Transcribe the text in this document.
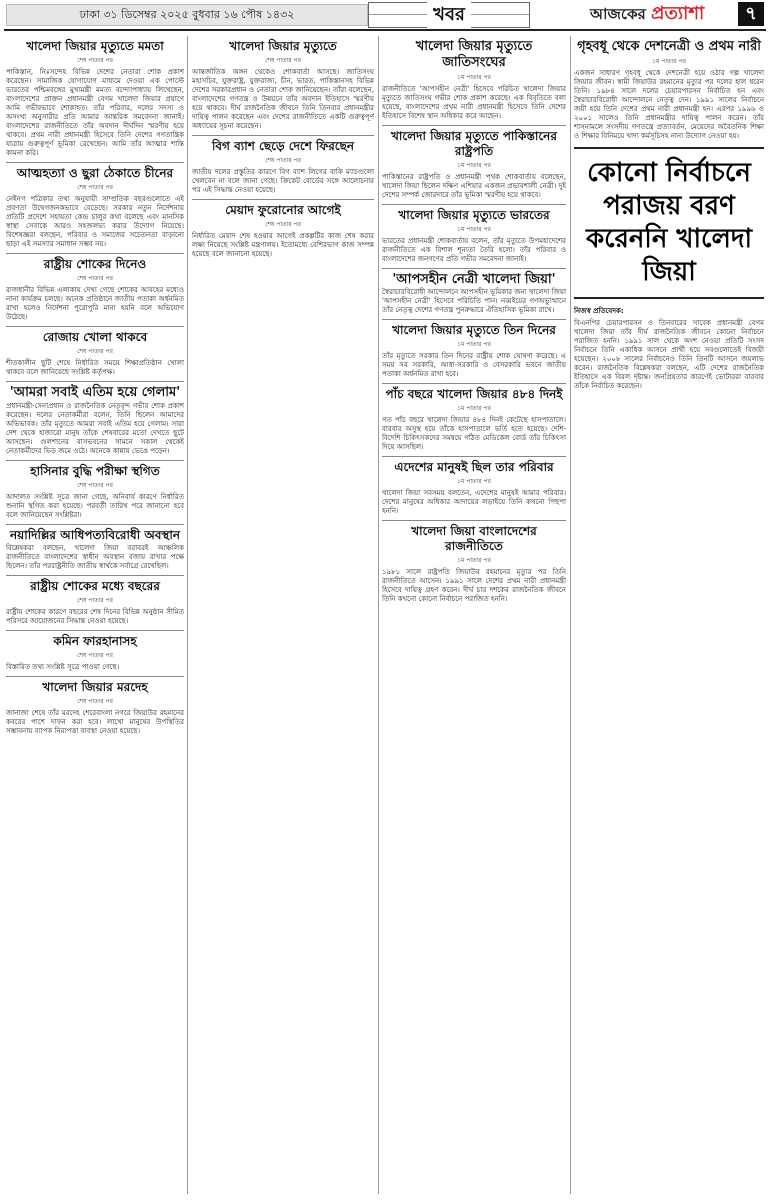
ঢাকা ৩১ ডিসেম্বর ২০২৫ বুধবার ১৬ পৌষ ১৪৩২	খবর	আজকের প্রত্যাশা	৭
খালেদা জিয়ার মৃত্যুতে মমতা
শেষ পাতার পর

পাকিস্তান, নিঃসন্দেহ বিভিন্ন দেশের নেতারা শোক প্রকাশ করেছেন। সামাজিক যোগাযোগ মাধ্যমে দেওয়া এক পোস্টে ভারতের পশ্চিমবঙ্গের মুখ্যমন্ত্রী মমতা বন্দ্যোপাধ্যায় লিখেছেন, বাংলাদেশের প্রাক্তন প্রধানমন্ত্রী বেগম খালেদা জিয়ার প্রয়াণে আমি গভীরভাবে শোকাহত। তাঁর পরিবার, দলের সদস্য ও অসংখ্য অনুসারীর প্রতি আমার আন্তরিক সমবেদনা জানাই। বাংলাদেশের রাজনীতিতে তাঁর অবদান দীর্ঘদিন স্মরণীয় হয়ে থাকবে। প্রথম নারী প্রধানমন্ত্রী হিসেবে তিনি দেশের গণতান্ত্রিক যাত্রায় গুরুত্বপূর্ণ ভূমিকা রেখেছেন। আমি তাঁর আত্মার শান্তি কামনা করি।

আত্মহত্যা ও ছুরা ঠেকাতে চীনের
শেষ পাতার পর

নেইনগ পত্রিকার তথ্য অনুযায়ী সাম্প্রতিক বছরগুলোতে এই প্রবণতা উদ্বেগজনকভাবে বেড়েছে। সরকার নতুন নির্দেশনায় প্রতিটি প্রদেশে সহায়তা কেন্দ্র চালুর কথা বলেছে এবং মানসিক স্বাস্থ্য সেবাকে আরও সহজলভ্য করার উদ্যোগ নিয়েছে। বিশেষজ্ঞরা বলছেন, পরিবার ও সমাজের সচেতনতা বাড়ানো ছাড়া এই সমস্যার সমাধান সম্ভব নয়।

রাষ্ট্রীয় শোকের দিনেও
শেষ পাতার পর

রাজধানীর বিভিন্ন এলাকায় দেখা গেছে শোকের আবহের মধ্যেও নানা কার্যক্রম চলছে। অনেক প্রতিষ্ঠানে জাতীয় পতাকা অর্ধনমিত রাখা হলেও নির্দেশনা পুরোপুরি মানা হয়নি বলে অভিযোগ উঠেছে।

রোজায় খোলা থাকবে
শেষ পাতার পর

শীতকালীন ছুটি শেষে নির্ধারিত সময়ে শিক্ষাপ্রতিষ্ঠান খোলা থাকবে বলে জানিয়েছে সংশ্লিষ্ট কর্তৃপক্ষ।

'আমরা সবাই এতিম হয়ে গেলাম'

প্রধানমন্ত্রী-সেনাপ্রধান ও রাজনৈতিক নেতৃবৃন্দ গভীর শোক প্রকাশ করেছেন। দলের নেতাকর্মীরা বলেন, তিনি ছিলেন আমাদের অভিভাবক। তাঁর মৃত্যুতে আমরা সবাই এতিম হয়ে গেলাম। সারা দেশ থেকে হাজারো মানুষ তাঁকে শেষবারের মতো দেখতে ছুটে আসছেন। গুলশানের বাসভবনের সামনে সকাল থেকেই নেতাকর্মীদের ভিড় জমে ওঠে। অনেকে কান্নায় ভেঙে পড়েন।

হাসিনার বুদ্ধি পরীক্ষা স্থগিত
শেষ পাতার পর

আদালত সংশ্লিষ্ট সূত্রে জানা গেছে, অনিবার্য কারণে নির্ধারিত শুনানি স্থগিত করা হয়েছে। পরবর্তী তারিখ পরে জানানো হবে বলে জানিয়েছেন সংশ্লিষ্টরা।

নয়াদিল্লির আধিপত্যবিরোধী অবস্থান

বিশ্লেষকরা বলছেন, খালেদা জিয়া বরাবরই আঞ্চলিক রাজনীতিতে বাংলাদেশের স্বাধীন অবস্থান বজায় রাখার পক্ষে ছিলেন। তাঁর পররাষ্ট্রনীতি জাতীয় স্বার্থকে সর্বাগ্রে রেখেছিল।

রাষ্ট্রীয় শোকের মধ্যে বছরের
শেষ পাতার পর

রাষ্ট্রীয় শোকের কারণে বছরের শেষ দিনের বিভিন্ন অনুষ্ঠান সীমিত পরিসরে আয়োজনের সিদ্ধান্ত নেওয়া হয়েছে।

কমিন ফারহানাসহ
শেষ পাতার পর

বিস্তারিত তথ্য সংশ্লিষ্ট সূত্রে পাওয়া গেছে।

খালেদা জিয়ার মরদেহ
শেষ পাতার পর

জানাজা শেষে তাঁর মরদেহ শেরেবাংলা নগরে জিয়াউর রহমানের কবরের পাশে দাফন করা হবে। লাখো মানুষের উপস্থিতির সম্ভাবনায় ব্যাপক নিরাপত্তা ব্যবস্থা নেওয়া হয়েছে।

খালেদা জিয়ার মৃত্যুতে
শেষ পাতার পর

আন্তর্জাতিক অঙ্গন থেকেও শোকবার্তা আসছে। জাতিসংঘ মহাসচিব, যুক্তরাষ্ট্র, যুক্তরাজ্য, চীন, ভারত, পাকিস্তানসহ বিভিন্ন দেশের সরকারপ্রধান ও নেতারা শোক জানিয়েছেন। তাঁরা বলেছেন, বাংলাদেশের গণতন্ত্র ও উন্নয়নে তাঁর অবদান ইতিহাসে স্মরণীয় হয়ে থাকবে। দীর্ঘ রাজনৈতিক জীবনে তিনি তিনবার প্রধানমন্ত্রীর দায়িত্ব পালন করেছেন এবং দেশের রাজনীতিতে একটি গুরুত্বপূর্ণ অধ্যায়ের সূচনা করেছেন।

বিগ ব্যাশ ছেড়ে দেশে ফিরছেন
শেষ পাতার পর

জাতীয় দলের প্রস্তুতির কারণে বিগ ব্যাশ লিগের বাকি ম্যাচগুলো খেলবেন না বলে জানা গেছে। ক্রিকেট বোর্ডের সঙ্গে আলোচনার পর এই সিদ্ধান্ত নেওয়া হয়েছে।

মেয়াদ ফুরোনোর আগেই
শেষ পাতার পর

নির্ধারিত মেয়াদ শেষ হওয়ার আগেই প্রকল্পটির কাজ শেষ করার লক্ষ্য নিয়েছে সংশ্লিষ্ট মন্ত্রণালয়। ইতোমধ্যে বেশিরভাগ কাজ সম্পন্ন হয়েছে বলে জানানো হয়েছে।

খালেদা জিয়ার মৃত্যুতে জাতিসংঘের
১ম পাতার পর

রাজনীতিতে 'আপসহীন নেত্রী' হিসেবে পরিচিত খালেদা জিয়ার মৃত্যুতে জাতিসংঘ গভীর শোক প্রকাশ করেছে। এক বিবৃতিতে বলা হয়েছে, বাংলাদেশের প্রথম নারী প্রধানমন্ত্রী হিসেবে তিনি দেশের ইতিহাসে বিশেষ স্থান অধিকার করে আছেন।

খালেদা জিয়ার মৃত্যুতে পাকিস্তানের রাষ্ট্রপতি
১ম পাতার পর

পাকিস্তানের রাষ্ট্রপতি ও প্রধানমন্ত্রী পৃথক শোকবার্তায় বলেছেন, খালেদা জিয়া ছিলেন দক্ষিণ এশিয়ার একজন প্রভাবশালী নেত্রী। দুই দেশের সম্পর্ক জোরদারে তাঁর ভূমিকা স্মরণীয় হয়ে থাকবে।

খালেদা জিয়ার মৃত্যুতে ভারতের
১ম পাতার পর

ভারতের প্রধানমন্ত্রী শোকবার্তায় বলেন, তাঁর মৃত্যুতে উপমহাদেশের রাজনীতিতে এক বিশাল শূন্যতা তৈরি হলো। তাঁর পরিবার ও বাংলাদেশের জনগণের প্রতি গভীর সমবেদনা জানাই।

'আপসহীন নেত্রী খালেদা জিয়া'

স্বৈরাচারবিরোধী আন্দোলনে আপসহীন ভূমিকার জন্য খালেদা জিয়া 'আপসহীন নেত্রী' হিসেবে পরিচিতি পান। নব্বইয়ের গণঅভ্যুত্থানে তাঁর নেতৃত্ব দেশের গণতন্ত্র পুনরুদ্ধারে ঐতিহাসিক ভূমিকা রাখে।

খালেদা জিয়ার মৃত্যুতে তিন দিনের
১ম পাতার পর

তাঁর মৃত্যুতে সরকার তিন দিনের রাষ্ট্রীয় শোক ঘোষণা করেছে। এ সময় সব সরকারি, আধা-সরকারি ও বেসরকারি ভবনে জাতীয় পতাকা অর্ধনমিত রাখা হবে।

পাঁচ বছরে খালেদা জিয়ার ৪৮৪ দিনই
১ম পাতার পর

গত পাঁচ বছরে খালেদা জিয়ার ৪৮৪ দিনই কেটেছে হাসপাতালে। বারবার অসুস্থ হয়ে তাঁকে হাসপাতালে ভর্তি হতে হয়েছে। দেশি-বিদেশি চিকিৎসকদের সমন্বয়ে গঠিত মেডিকেল বোর্ড তাঁর চিকিৎসা দিয়ে আসছিল।

এদেশের মানুষই ছিল তার পরিবার
১ম পাতার পর

খালেদা জিয়া সবসময় বলতেন, এদেশের মানুষই আমার পরিবার। দেশের মানুষের অধিকার আদায়ের লড়াইয়ে তিনি কখনো পিছপা হননি।

খালেদা জিয়া বাংলাদেশের রাজনীতিতে
১ম পাতার পর

১৯৮১ সালে রাষ্ট্রপতি জিয়াউর রহমানের মৃত্যুর পর তিনি রাজনীতিতে আসেন। ১৯৯১ সালে দেশের প্রথম নারী প্রধানমন্ত্রী হিসেবে দায়িত্ব গ্রহণ করেন। দীর্ঘ চার দশকের রাজনৈতিক জীবনে তিনি কখনো কোনো নির্বাচনে পরাজিত হননি।

গৃহবধূ থেকে দেশনেত্রী ও প্রথম নারী
১ম পাতার পর

একজন সাধারণ গৃহবধূ থেকে দেশনেত্রী হয়ে ওঠার গল্প খালেদা জিয়ার জীবন। স্বামী জিয়াউর রহমানের মৃত্যুর পর দলের হাল ধরেন তিনি। ১৯৮৪ সালে দলের চেয়ারপারসন নির্বাচিত হন এবং স্বৈরাচারবিরোধী আন্দোলনে নেতৃত্ব দেন। ১৯৯১ সালের নির্বাচনে জয়ী হয়ে তিনি দেশের প্রথম নারী প্রধানমন্ত্রী হন। এরপর ১৯৯৬ ও ২০০১ সালেও তিনি প্রধানমন্ত্রীর দায়িত্ব পালন করেন। তাঁর শাসনামলে সংসদীয় গণতন্ত্রে প্রত্যাবর্তন, মেয়েদের অবৈতনিক শিক্ষা ও শিক্ষার বিনিময়ে খাদ্য কর্মসূচিসহ নানা উদ্যোগ নেওয়া হয়।

কোনো নির্বাচনে পরাজয় বরণ করেননি খালেদা জিয়া
নিজস্ব প্রতিবেদক:

বিএনপির চেয়ারপারসন ও তিনবারের সাবেক প্রধানমন্ত্রী বেগম খালেদা জিয়া তাঁর দীর্ঘ রাজনৈতিক জীবনে কোনো নির্বাচনে পরাজিত হননি। ১৯৯১ সাল থেকে অংশ নেওয়া প্রতিটি সংসদ নির্বাচনে তিনি একাধিক আসনে প্রার্থী হয়ে সবগুলোতেই বিজয়ী হয়েছেন। ২০০৮ সালের নির্বাচনেও তিনি তিনটি আসনে জয়লাভ করেন। রাজনৈতিক বিশ্লেষকরা বলছেন, এটি দেশের রাজনৈতিক ইতিহাসে এক বিরল দৃষ্টান্ত। জনপ্রিয়তার কারণেই ভোটাররা বারবার তাঁকে নির্বাচিত করেছেন।
